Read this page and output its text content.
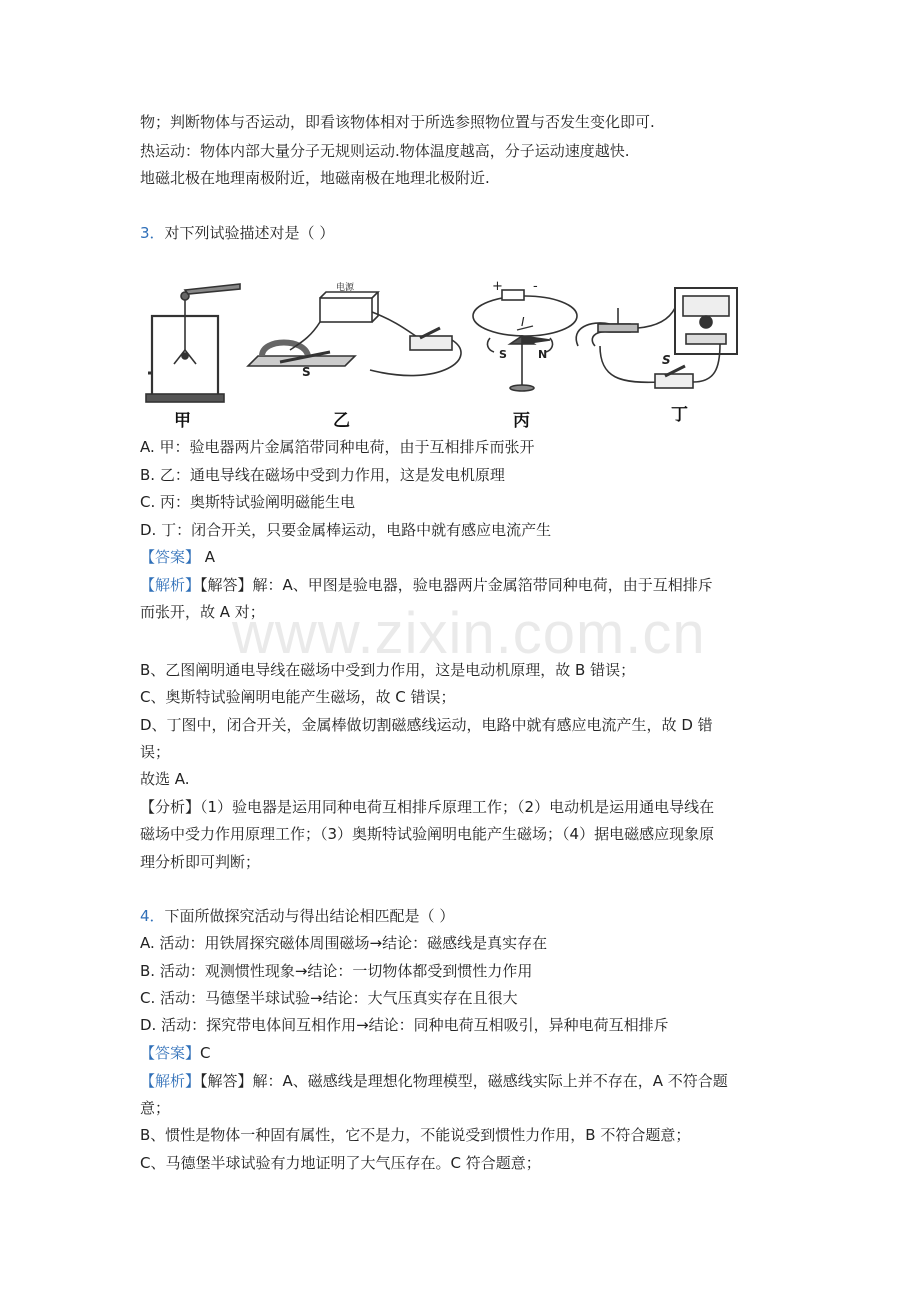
物；判断物体与否运动，即看该物体相对于所选参照物位置与否发生变化即可.
热运动：物体内部大量分子无规则运动.物体温度越高，分子运动速度越快.
地磁北极在地理南极附近，地磁南极在地理北极附近.
3．对下列试验描述对是（ ）
电源
S
+ -
I
S	N	S
甲	乙	丙	丁
A. 甲：验电器两片金属箔带同种电荷，由于互相排斥而张开
B. 乙：通电导线在磁场中受到力作用，这是发电机原理
C. 丙：奥斯特试验阐明磁能生电
D. 丁：闭合开关，只要金属棒运动，电路中就有感应电流产生
【答案】 A
【解析】【解答】解：A、甲图是验电器，验电器两片金属箔带同种电荷，由于互相排斥
而张开，故 A 对；
www.zixin.com.cn
B、乙图阐明通电导线在磁场中受到力作用，这是电动机原理，故 B 错误；
C、奥斯特试验阐明电能产生磁场，故 C 错误；
D、丁图中，闭合开关，金属棒做切割磁感线运动，电路中就有感应电流产生，故 D 错
误；
故选 A.
【分析】（1）验电器是运用同种电荷互相排斥原理工作；（2）电动机是运用通电导线在
磁场中受力作用原理工作；（3）奥斯特试验阐明电能产生磁场；（4）据电磁感应现象原
理分析即可判断；
4．下面所做探究活动与得出结论相匹配是（ ）
A. 活动：用铁屑探究磁体周围磁场→结论：磁感线是真实存在
B. 活动：观测惯性现象→结论：一切物体都受到惯性力作用
C. 活动：马德堡半球试验→结论：大气压真实存在且很大
D. 活动：探究带电体间互相作用→结论：同种电荷互相吸引，异种电荷互相排斥
【答案】C
【解析】【解答】解：A、磁感线是理想化物理模型，磁感线实际上并不存在，A 不符合题
意；
B、惯性是物体一种固有属性，它不是力，不能说受到惯性力作用，B 不符合题意；
C、马德堡半球试验有力地证明了大气压存在。C 符合题意；
